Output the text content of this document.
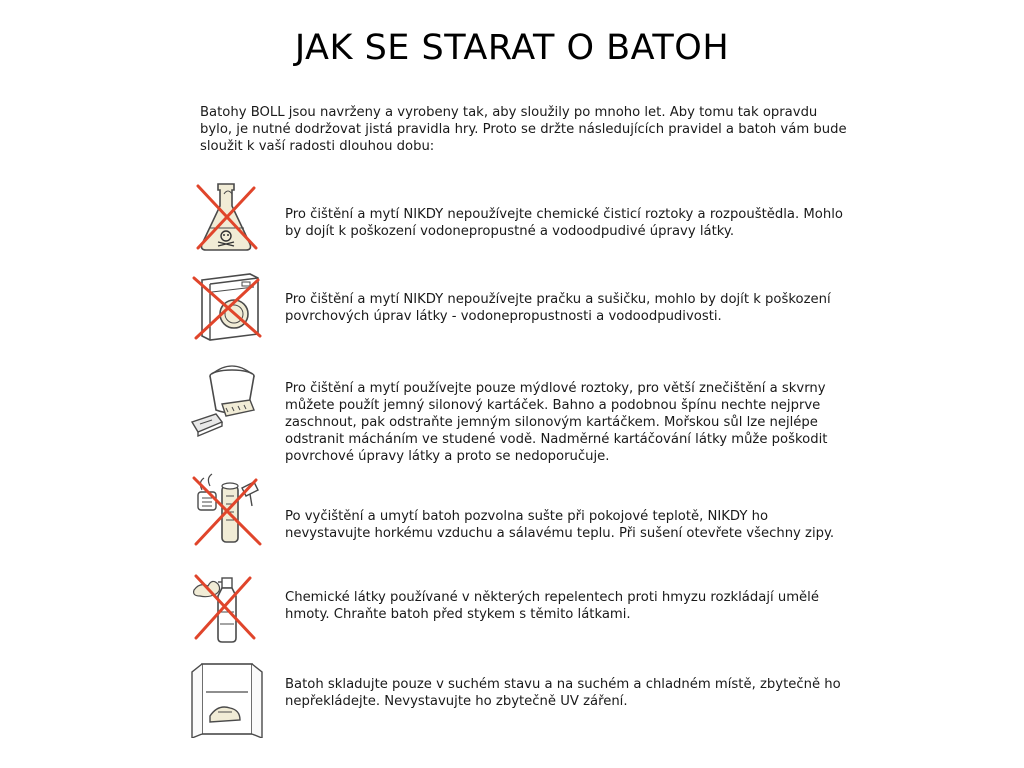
JAK SE STARAT O BATOH

Batohy BOLL jsou navrženy a vyrobeny tak, aby sloužily po mnoho let. Aby tomu tak opravdu bylo, je nutné dodržovat jistá pravidla hry. Proto se držte následujících pravidel a batoh vám bude sloužit k vaší radosti dlouhou dobu:

Pro čištění a mytí NIKDY nepoužívejte chemické čisticí roztoky a rozpouštědla. Mohlo by dojít k poškození vodonepropustné a vodoodpudivé úpravy látky.

Pro čištění a mytí NIKDY nepoužívejte pračku a sušičku, mohlo by dojít k poškození povrchových úprav látky - vodonepropustnosti a vodoodpudivosti.

Pro čištění a mytí používejte pouze mýdlové roztoky, pro větší znečištění a skvrny můžete použít jemný silonový kartáček. Bahno a podobnou špínu nechte nejprve zaschnout, pak odstraňte jemným silonovým kartáčkem. Mořskou sůl lze nejlépe odstranit mácháním ve studené vodě. Nadměrné kartáčování látky může poškodit povrchové úpravy látky a proto se nedoporučuje.

Po vyčištění a umytí batoh pozvolna sušte při pokojové teplotě, NIKDY ho nevystavujte horkému vzduchu a sálavému teplu. Při sušení otevřete všechny zipy.

Chemické látky používané v některých repelentech proti hmyzu rozkládají umělé hmoty. Chraňte batoh před stykem s těmito látkami.

Batoh skladujte pouze v suchém stavu a na suchém a chladném místě, zbytečně ho nepřekládejte. Nevystavujte ho zbytečně UV záření.
